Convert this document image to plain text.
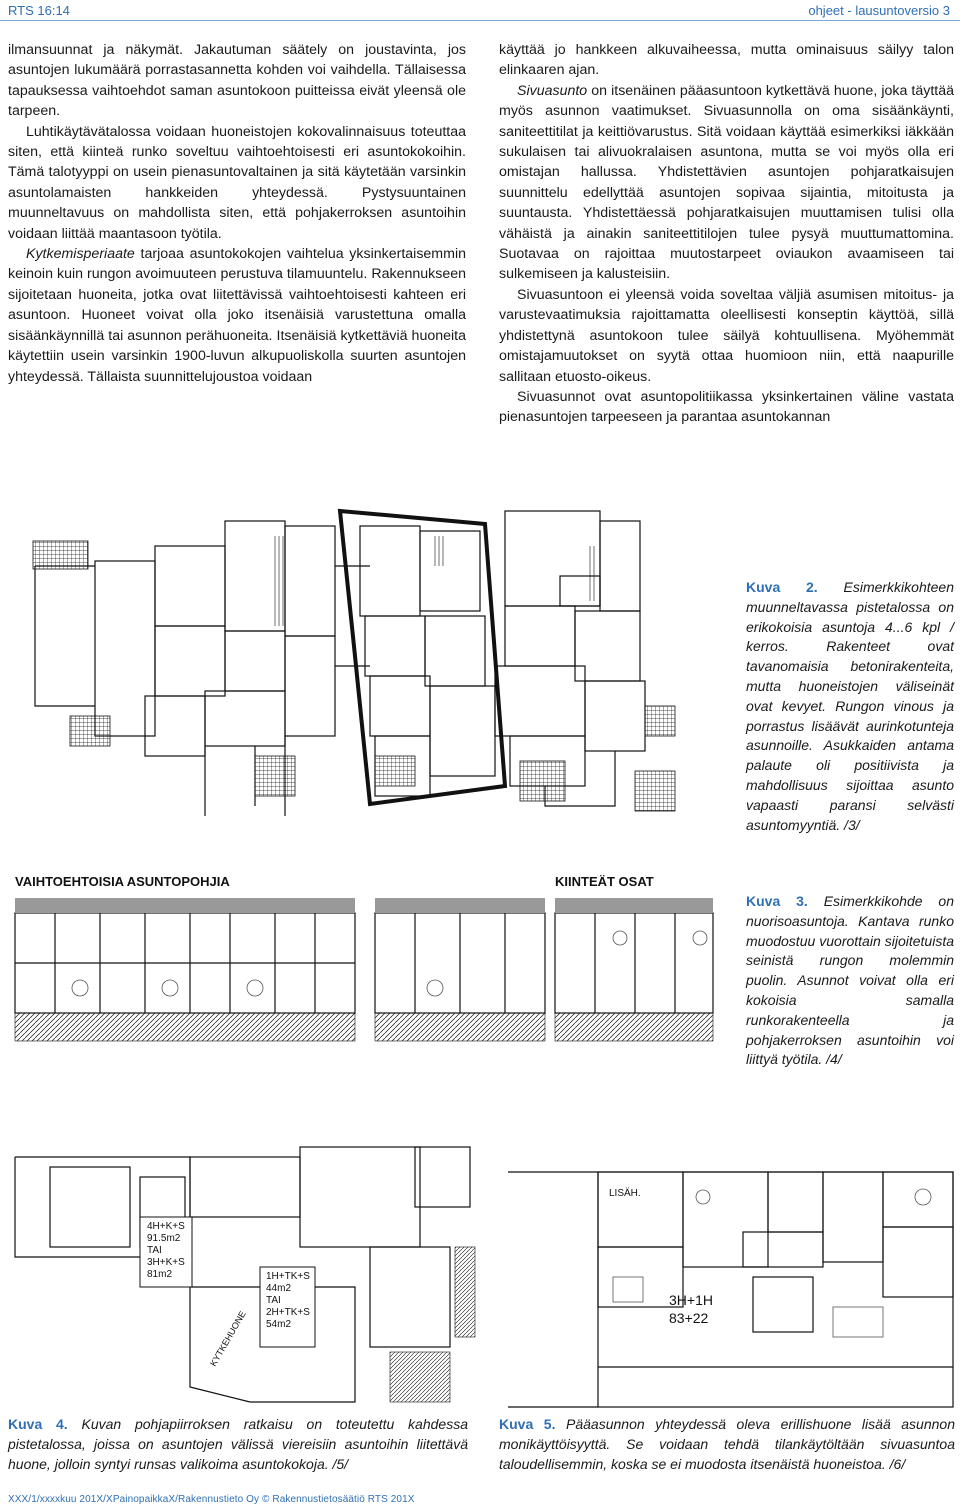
RTS 16:14	ohjeet - lausuntoversio 3

ilmansuunnat ja näkymät. Jakautuman säätely on joustavinta, jos asuntojen lukumäärä porrastasannetta kohden voi vaihdella. Tällaisessa tapauksessa vaihtoehdot saman asuntokoon puitteissa eivät yleensä ole tarpeen.

Luhtikäytävätalossa voidaan huoneistojen kokovalinnaisuus toteuttaa siten, että kiinteä runko soveltuu vaihtoehtoisesti eri asuntokokoihin. Tämä talotyyppi on usein pienasuntovaltainen ja sitä käytetään varsinkin asuntolamaisten hankkeiden yhteydessä. Pystysuuntainen muunneltavuus on mahdollista siten, että pohjakerroksen asuntoihin voidaan liittää maantasoon työtila.

Kytkemisperiaate tarjoaa asuntokokojen vaihtelua yksinkertaisemmin keinoin kuin rungon avoimuuteen perustuva tilamuuntelu. Rakennukseen sijoitetaan huoneita, jotka ovat liitettävissä vaihtoehtoisesti kahteen eri asuntoon. Huoneet voivat olla joko itsenäisiä varustettuna omalla sisäänkäynnillä tai asunnon perähuoneita. Itsenäisiä kytkettäviä huoneita käytettiin usein varsinkin 1900-luvun alkupuoliskolla suurten asuntojen yhteydessä. Tällaista suunnittelujoustoa voidaan

käyttää jo hankkeen alkuvaiheessa, mutta ominaisuus säilyy talon elinkaaren ajan.

Sivuasunto on itsenäinen pääasuntoon kytkettävä huone, joka täyttää myös asunnon vaatimukset. Sivuasunnolla on oma sisäänkäynti, saniteettitilat ja keittiövarustus. Sitä voidaan käyttää esimerkiksi iäkkään sukulaisen tai alivuokralaisen asuntona, mutta se voi myös olla eri omistajan hallussa. Yhdistettävien asuntojen pohjaratkaisujen suunnittelu edellyttää asuntojen sopivaa sijaintia, mitoitusta ja suuntausta. Yhdistettäessä pohjaratkaisujen muuttamisen tulisi olla vähäistä ja ainakin saniteettitilojen tulee pysyä muuttumattomina. Suotavaa on rajoittaa muutostarpeet oviaukon avaamiseen tai sulkemiseen ja kalusteisiin.

Sivuasuntoon ei yleensä voida soveltaa väljiä asumisen mitoitus- ja varustevaatimuksia rajoittamatta oleellisesti konseptin käyttöä, sillä yhdistettynä asuntokoon tulee säilyä kohtuullisena. Myöhemmät omistajamuutokset on syytä ottaa huomioon niin, että naapurille sallitaan etuosto-oikeus.

Sivuasunnot ovat asuntopolitiikassa yksinkertainen väline vastata pienasuntojen tarpeeseen ja parantaa asuntokannan

Kuva 2. Esimerkkikohteen muunneltavassa pistetalossa on erikokoisia asuntoja 4...6 kpl / kerros. Rakenteet ovat tavanomaisia betonirakenteita, mutta huoneistojen väliseinät ovat kevyet. Rungon vinous ja porrastus lisäävät aurinkotunteja asunnoille. Asukkaiden antama palaute oli positiivista ja mahdollisuus sijoittaa asunto vapaasti paransi selvästi asuntomyyntiä. /3/
VAIHTOEHTOISIA ASUNTOPOHJIA	KIINTEÄT OSAT
Kuva 3. Esimerkkikohde on nuorisoasuntoja. Kantava runko muodostuu vuorottain sijoitetuista seinistä rungon molemmin puolin. Asunnot voivat olla eri kokoisia samalla runkorakenteella ja pohjakerroksen asuntoihin voi liittyä työtila. /4/
4H+K+S
91.5m2
TAI
3H+K+S
81m2	1H+TK+S
44m2
TAI
2H+TK+S
54m2
KYTKEHUONE
LISÄH.
3H+1H
83+22
Kuva 4. Kuvan pohjapiirroksen ratkaisu on toteutettu kahdessa pistetalossa, joissa on asuntojen välissä viereisiin asuntoihin liitettävä huone, jolloin syntyi runsas valikoima asuntokokoja. /5/
Kuva 5. Pääasunnon yhteydessä oleva erillishuone lisää asunnon monikäyttöisyyttä. Se voidaan tehdä tilankäytöltään sivuasuntoa taloudellisemmin, koska se ei muodosta itsenäistä huoneistoa. /6/
XXX/1/xxxxkuu 201X/XPainopaikkaX/Rakennustieto Oy © Rakennustietosäätiö RTS 201X
